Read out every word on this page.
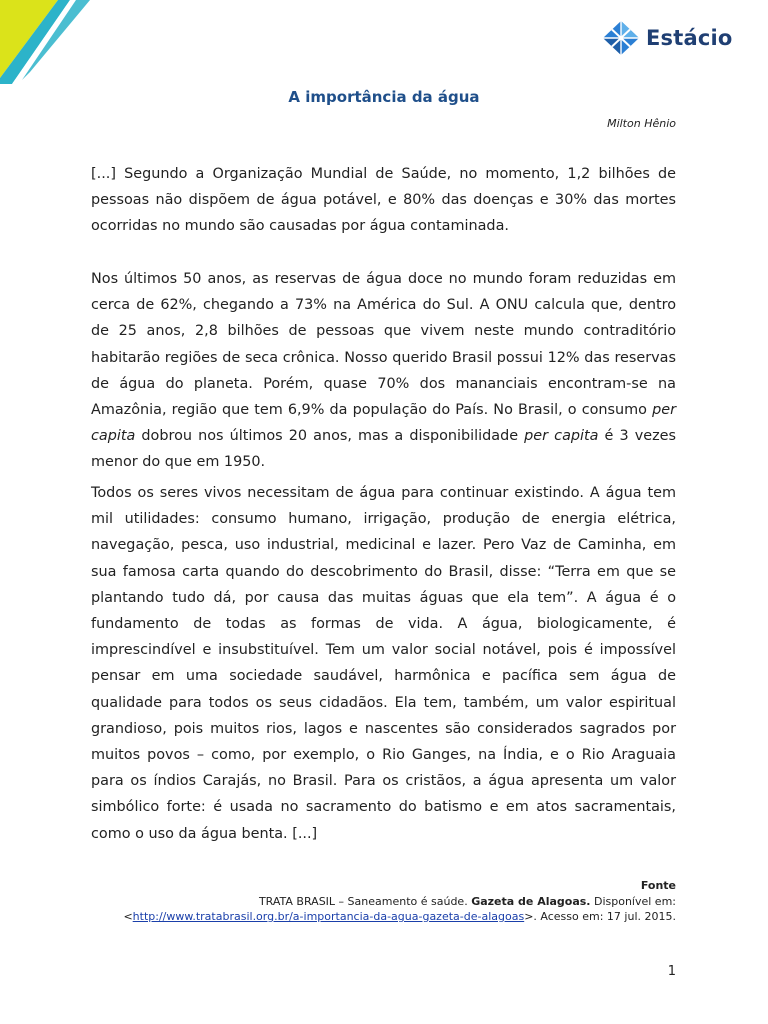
Estácio
A importância da água
Milton Hênio

[...] Segundo a Organização Mundial de Saúde, no momento, 1,2 bilhões de pessoas não dispõem de água potável, e 80% das doenças e 30% das mortes ocorridas no mundo são causadas por água contaminada.

Nos últimos 50 anos, as reservas de água doce no mundo foram reduzidas em cerca de 62%, chegando a 73% na América do Sul. A ONU calcula que, dentro de 25 anos, 2,8 bilhões de pessoas que vivem neste mundo contraditório habitarão regiões de seca crônica. Nosso querido Brasil possui 12% das reservas de água do planeta. Porém, quase 70% dos mananciais encontram-se na Amazônia, região que tem 6,9% da população do País. No Brasil, o consumo per capita dobrou nos últimos 20 anos, mas a disponibilidade per capita é 3 vezes menor do que em 1950.

Todos os seres vivos necessitam de água para continuar existindo. A água tem mil utilidades: consumo humano, irrigação, produção de energia elétrica, navegação, pesca, uso industrial, medicinal e lazer. Pero Vaz de Caminha, em sua famosa carta quando do descobrimento do Brasil, disse: “Terra em que se plantando tudo dá, por causa das muitas águas que ela tem”. A água é o fundamento de todas as formas de vida. A água, biologicamente, é imprescindível e insubstituível. Tem um valor social notável, pois é impossível pensar em uma sociedade saudável, harmônica e pacífica sem água de qualidade para todos os seus cidadãos. Ela tem, também, um valor espiritual grandioso, pois muitos rios, lagos e nascentes são considerados sagrados por muitos povos – como, por exemplo, o Rio Ganges, na Índia, e o Rio Araguaia para os índios Carajás, no Brasil. Para os cristãos, a água apresenta um valor simbólico forte: é usada no sacramento do batismo e em atos sacramentais, como o uso da água benta. [...]

Fonte
TRATA BRASIL – Saneamento é saúde. Gazeta de Alagoas. Disponível em:
<http://www.tratabrasil.org.br/a-importancia-da-agua-gazeta-de-alagoas>. Acesso em: 17 jul. 2015.
1
